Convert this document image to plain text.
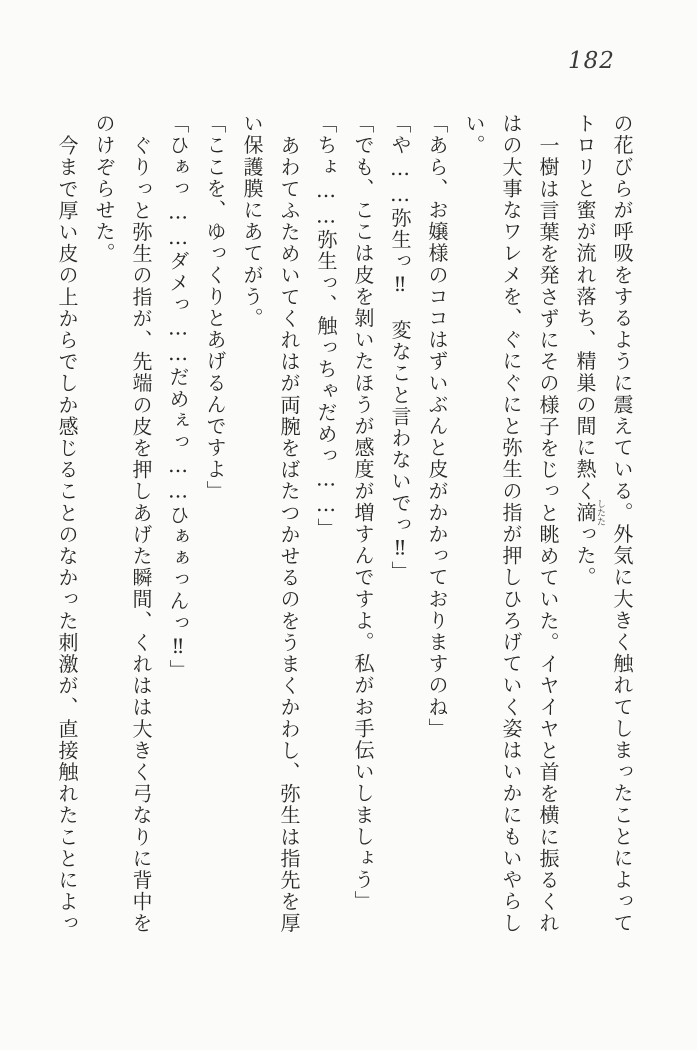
182

の花びらが呼吸をするように震えている。外気に大きく触れてしまったことによってトロリと蜜が流れ落ち、精巣の間に熱く滴したたった。

一樹は言葉を発さずにその様子をじっと眺めていた。イヤイヤと首を横に振るくれはの大事なワレメを、ぐにぐにと弥生の指が押しひろげていく姿はいかにもいやらしい。

「あら、お嬢様のココはずいぶんと皮がかかっておりますのね」

「や……弥生っ‼　変なこと言わないでっ‼」

「でも、ここは皮を剝いたほうが感度が増すんですよ。私がお手伝いしましょう」

「ちょ……弥生っ、触っちゃだめっ……」

あわてふためいてくれはが両腕をばたつかせるのをうまくかわし、弥生は指先を厚い保護膜にあてがう。

「ここを、ゆっくりとあげるんですよ」

「ひぁっ……ダメっ……だめぇっ……ひぁぁっんっ‼」

ぐりっと弥生の指が、先端の皮を押しあげた瞬間、くれはは大きく弓なりに背中をのけぞらせた。

今まで厚い皮の上からでしか感じることのなかった刺激が、直接触れたことによっ
